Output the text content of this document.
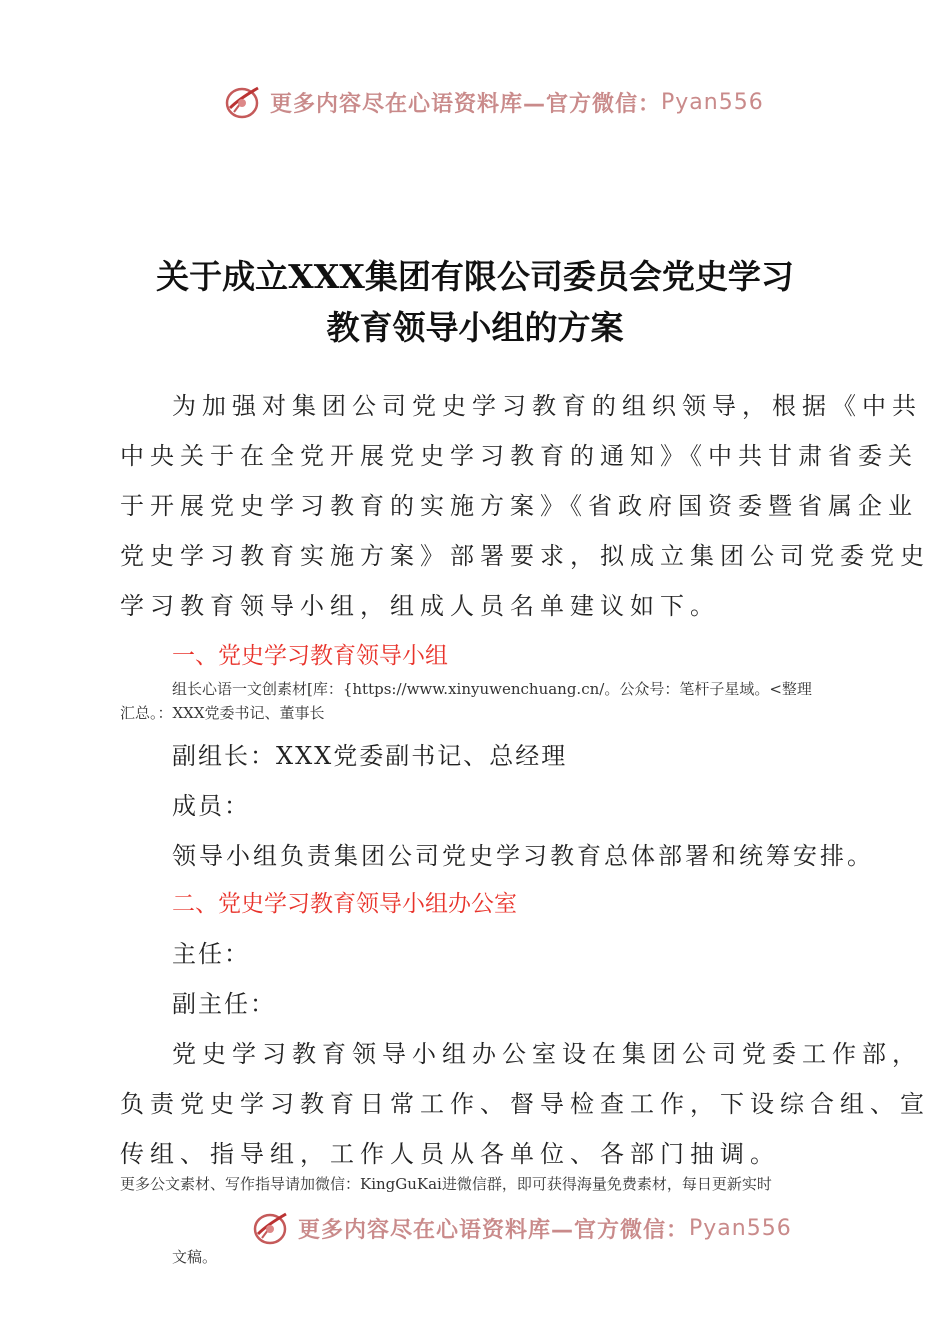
更多内容尽在心语资料库—官方微信： Pyan556
关于成立XXX集团有限公司委员会党史学习
教育领导小组的方案
为加强对集团公司党史学习教育的组织领导，根据《中共
中央关于在全党开展党史学习教育的通知》《中共甘肃省委关
于开展党史学习教育的实施方案》《省政府国资委暨省属企业
党史学习教育实施方案》部署要求，拟成立集团公司党委党史
学习教育领导小组，组成人员名单建议如下。
一、党史学习教育领导小组
组长心语一文创素材[库：{https://www.xinyuwenchuang.cn/。公众号：笔杆子星域。<整理
汇总。：XXX党委书记、董事长
副组长：XXX党委副书记、总经理
成员：
领导小组负责集团公司党史学习教育总体部署和统筹安排。
二、党史学习教育领导小组办公室
主任：
副主任：
党史学习教育领导小组办公室设在集团公司党委工作部，
负责党史学习教育日常工作、督导检查工作，下设综合组、宣
传组、指导组，工作人员从各单位、各部门抽调。
更多公文素材、写作指导请加微信：KingGuKai进微信群，即可获得海量免费素材，每日更新实时
更多内容尽在心语资料库—官方微信： Pyan556
文稿。
